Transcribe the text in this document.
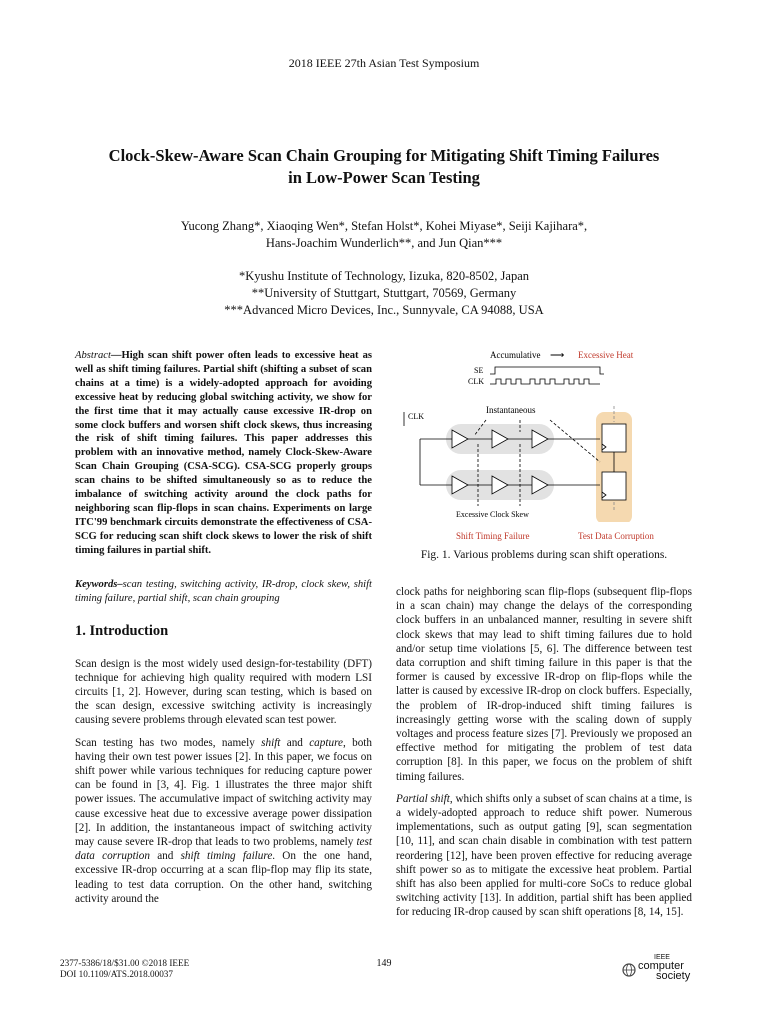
2018 IEEE 27th Asian Test Symposium
Clock-Skew-Aware Scan Chain Grouping for Mitigating Shift Timing Failures
in Low-Power Scan Testing
Yucong Zhang*, Xiaoqing Wen*, Stefan Holst*, Kohei Miyase*, Seiji Kajihara*,
Hans-Joachim Wunderlich**, and Jun Qian***
*Kyushu Institute of Technology, Iizuka, 820-8502, Japan
**University of Stuttgart, Stuttgart, 70569, Germany
***Advanced Micro Devices, Inc., Sunnyvale, CA 94088, USA

Abstract—High scan shift power often leads to excessive heat as well as shift timing failures. Partial shift (shifting a subset of scan chains at a time) is a widely-adopted approach for avoiding excessive heat by reducing global switching activity, we show for the first time that it may actually cause excessive IR-drop on some clock buffers and worsen shift clock skews, thus increasing the risk of shift timing failures. This paper addresses this problem with an innovative method, namely Clock-Skew-Aware Scan Chain Grouping (CSA-SCG). CSA-SCG properly groups scan chains to be shifted simultaneously so as to reduce the imbalance of switching activity around the clock paths for neighboring scan flip-flops in scan chains. Experiments on large ITC'99 benchmark circuits demonstrate the effectiveness of CSA-SCG for reducing scan shift clock skews to lower the risk of shift timing failures in partial shift.

Keywords–scan testing, switching activity, IR-drop, clock skew, shift timing failure, partial shift, scan chain grouping

1. Introduction

Scan design is the most widely used design-for-testability (DFT) technique for achieving high quality required with modern LSI circuits [1, 2]. However, during scan testing, which is based on the scan design, excessive switching activity is increasingly causing severe problems through elevated scan test power.

Scan testing has two modes, namely shift and capture, both having their own test power issues [2]. In this paper, we focus on shift power while various techniques for reducing capture power can be found in [3, 4]. Fig. 1 illustrates the three major shift power issues. The accumulative impact of switching activity may cause excessive heat due to excessive average power dissipation [2]. In addition, the instantaneous impact of switching activity may cause severe IR-drop that leads to two problems, namely test data corruption and shift timing failure. On the one hand, excessive IR-drop occurring at a scan flip-flop may flip its state, leading to test data corruption. On the other hand, switching activity around the

Accumulative ⟶ Excessive Heat
SE
CLK
Instantaneous
CLK
Excessive Clock Skew
Shift Timing Failure	Test Data Corruption
Fig. 1. Various problems during scan shift operations.

clock paths for neighboring scan flip-flops (subsequent flip-flops in a scan chain) may change the delays of the corresponding clock buffers in an unbalanced manner, resulting in severe shift clock skews that may lead to shift timing failures due to hold and/or setup time violations [5, 6]. The difference between test data corruption and shift timing failure in this paper is that the former is caused by excessive IR-drop on flip-flops while the latter is caused by excessive IR-drop on clock buffers. Especially, the problem of IR-drop-induced shift timing failures is increasingly getting worse with the scaling down of supply voltages and process feature sizes [7]. Previously we proposed an effective method for mitigating the problem of test data corruption [8]. In this paper, we focus on the problem of shift timing failures.

Partial shift, which shifts only a subset of scan chains at a time, is a widely-adopted approach to reduce shift power. Numerous implementations, such as output gating [9], scan segmentation [10, 11], and scan chain disable in combination with test pattern reordering [12], have been proven effective for reducing average shift power so as to mitigate the excessive heat problem. Partial shift has also been applied for multi-core SoCs to reduce global switching activity [13]. In addition, partial shift has been applied for reducing IR-drop caused by scan shift operations [8, 14, 15].

2377-5386/18/$31.00 ©2018 IEEE
DOI 10.1109/ATS.2018.00037
149
IEEE
computer
society
